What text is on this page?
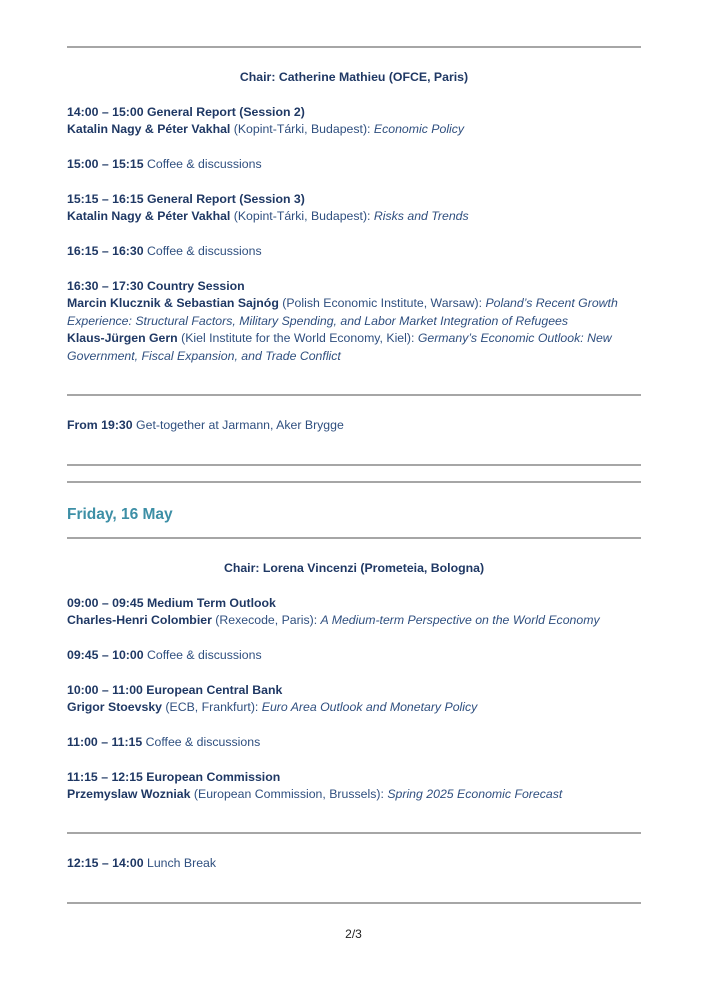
Chair: Catherine Mathieu (OFCE, Paris)
14:00 – 15:00 General Report (Session 2)
Katalin Nagy & Péter Vakhal (Kopint-Tárki, Budapest): Economic Policy
15:00 – 15:15 Coffee & discussions
15:15 – 16:15 General Report (Session 3)
Katalin Nagy & Péter Vakhal (Kopint-Tárki, Budapest): Risks and Trends
16:15 – 16:30 Coffee & discussions
16:30 – 17:30 Country Session
Marcin Klucznik & Sebastian Sajnóg (Polish Economic Institute, Warsaw): Poland’s Recent Growth
Experience: Structural Factors, Military Spending, and Labor Market Integration of Refugees
Klaus-Jürgen Gern (Kiel Institute for the World Economy, Kiel): Germany’s Economic Outlook: New
Government, Fiscal Expansion, and Trade Conflict
From 19:30 Get-together at Jarmann, Aker Brygge
Friday, 16 May
Chair: Lorena Vincenzi (Prometeia, Bologna)
09:00 – 09:45 Medium Term Outlook
Charles-Henri Colombier (Rexecode, Paris): A Medium-term Perspective on the World Economy
09:45 – 10:00 Coffee & discussions
10:00 – 11:00 European Central Bank
Grigor Stoevsky (ECB, Frankfurt): Euro Area Outlook and Monetary Policy
11:00 – 11:15 Coffee & discussions
11:15 – 12:15 European Commission
Przemyslaw Wozniak (European Commission, Brussels): Spring 2025 Economic Forecast
12:15 – 14:00 Lunch Break
2/3
